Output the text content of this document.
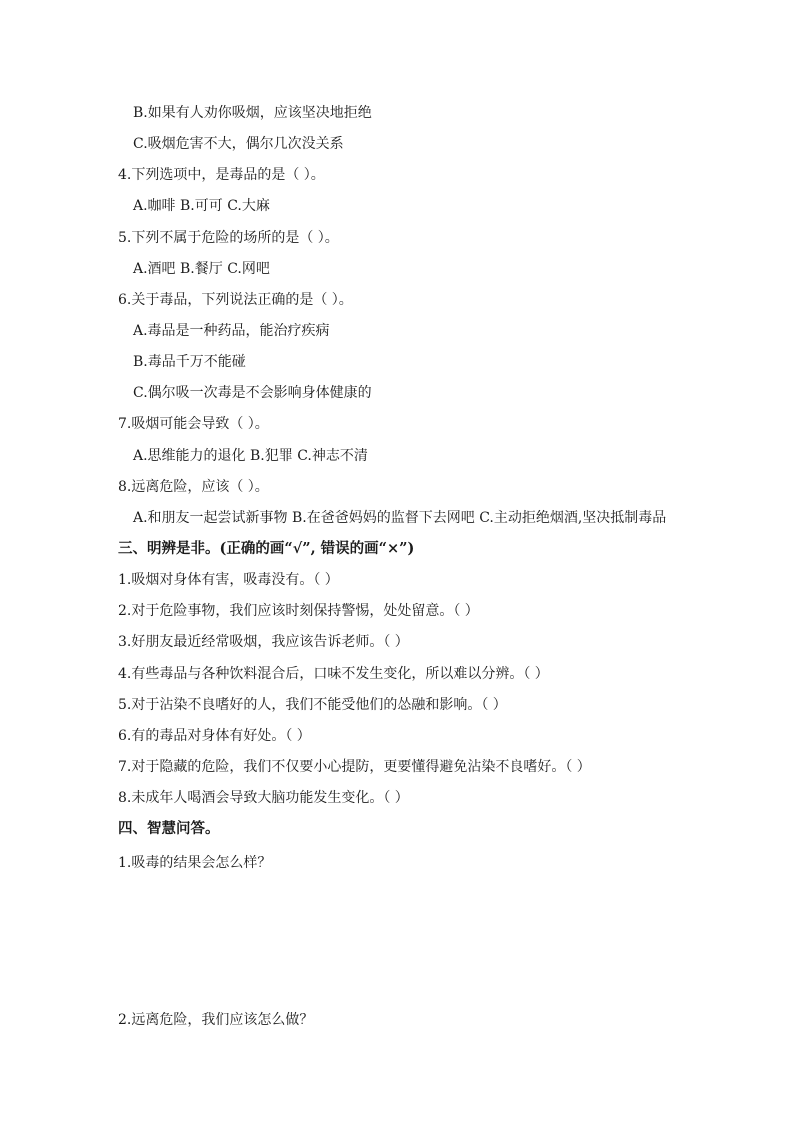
B.如果有人劝你吸烟，应该坚决地拒绝
C.吸烟危害不大，偶尔几次没关系
4.下列选项中，是毒品的是（ ）。
A.咖啡 B.可可 C.大麻
5.下列不属于危险的场所的是（ ）。
A.酒吧 B.餐厅 C.网吧
6.关于毒品，下列说法正确的是（ ）。
A.毒品是一种药品，能治疗疾病
B.毒品千万不能碰
C.偶尔吸一次毒是不会影响身体健康的
7.吸烟可能会导致（ ）。
A.思维能力的退化 B.犯罪 C.神志不清
8.远离危险，应该（ ）。
A.和朋友一起尝试新事物 B.在爸爸妈妈的监督下去网吧 C.主动拒绝烟酒,坚决抵制毒品
三、明辨是非。(正确的画“√”, 错误的画“×”)
1.吸烟对身体有害，吸毒没有。（ ）
2.对于危险事物，我们应该时刻保持警惕，处处留意。（ ）
3.好朋友最近经常吸烟，我应该告诉老师。（ ）
4.有些毒品与各种饮料混合后，口味不发生变化，所以难以分辨。（ ）
5.对于沾染不良嗜好的人，我们不能受他们的怂融和影响。（ ）
6.有的毒品对身体有好处。（ ）
7.对于隐藏的危险，我们不仅要小心提防，更要懂得避免沾染不良嗜好。（ ）
8.未成年人喝酒会导致大脑功能发生变化。（ ）
四、智慧问答。
1.吸毒的结果会怎么样？
2.远离危险，我们应该怎么做？
